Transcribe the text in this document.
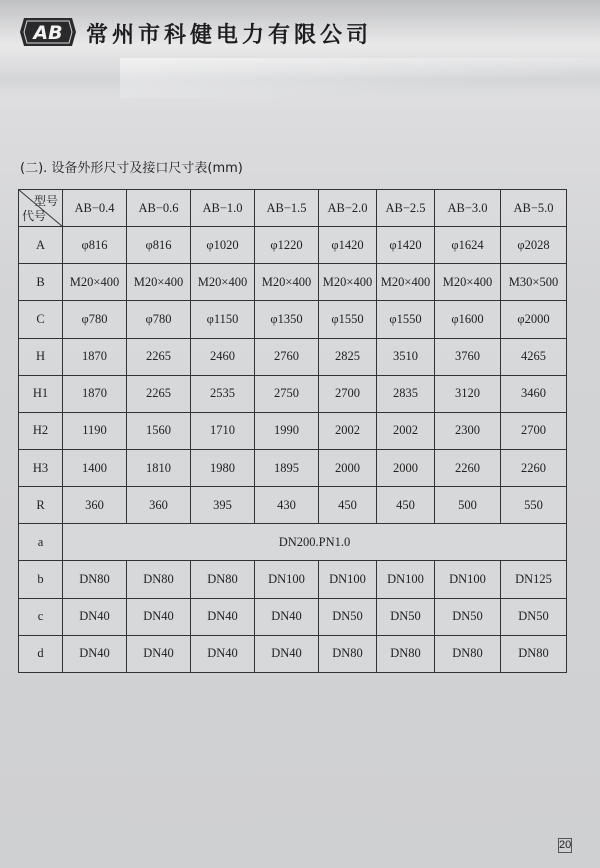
AB 常州市科健电力有限公司
(二). 设备外形尺寸及接口尺寸表(mm)
型号
代号	AB−0.4	AB−0.6	AB−1.0	AB−1.5	AB−2.0	AB−2.5	AB−3.0	AB−5.0
A	φ816	φ816	φ1020	φ1220	φ1420	φ1420	φ1624	φ2028
B	M20×400	M20×400	M20×400	M20×400	M20×400	M20×400	M20×400	M30×500
C	φ780	φ780	φ1150	φ1350	φ1550	φ1550	φ1600	φ2000
H	1870	2265	2460	2760	2825	3510	3760	4265
H1	1870	2265	2535	2750	2700	2835	3120	3460
H2	1190	1560	1710	1990	2002	2002	2300	2700
H3	1400	1810	1980	1895	2000	2000	2260	2260
R	360	360	395	430	450	450	500	550
a	DN200.PN1.0							
b	DN80	DN80	DN80	DN100	DN100	DN100	DN100	DN125
c	DN40	DN40	DN40	DN40	DN50	DN50	DN50	DN50
d	DN40	DN40	DN40	DN40	DN80	DN80	DN80	DN80
20
